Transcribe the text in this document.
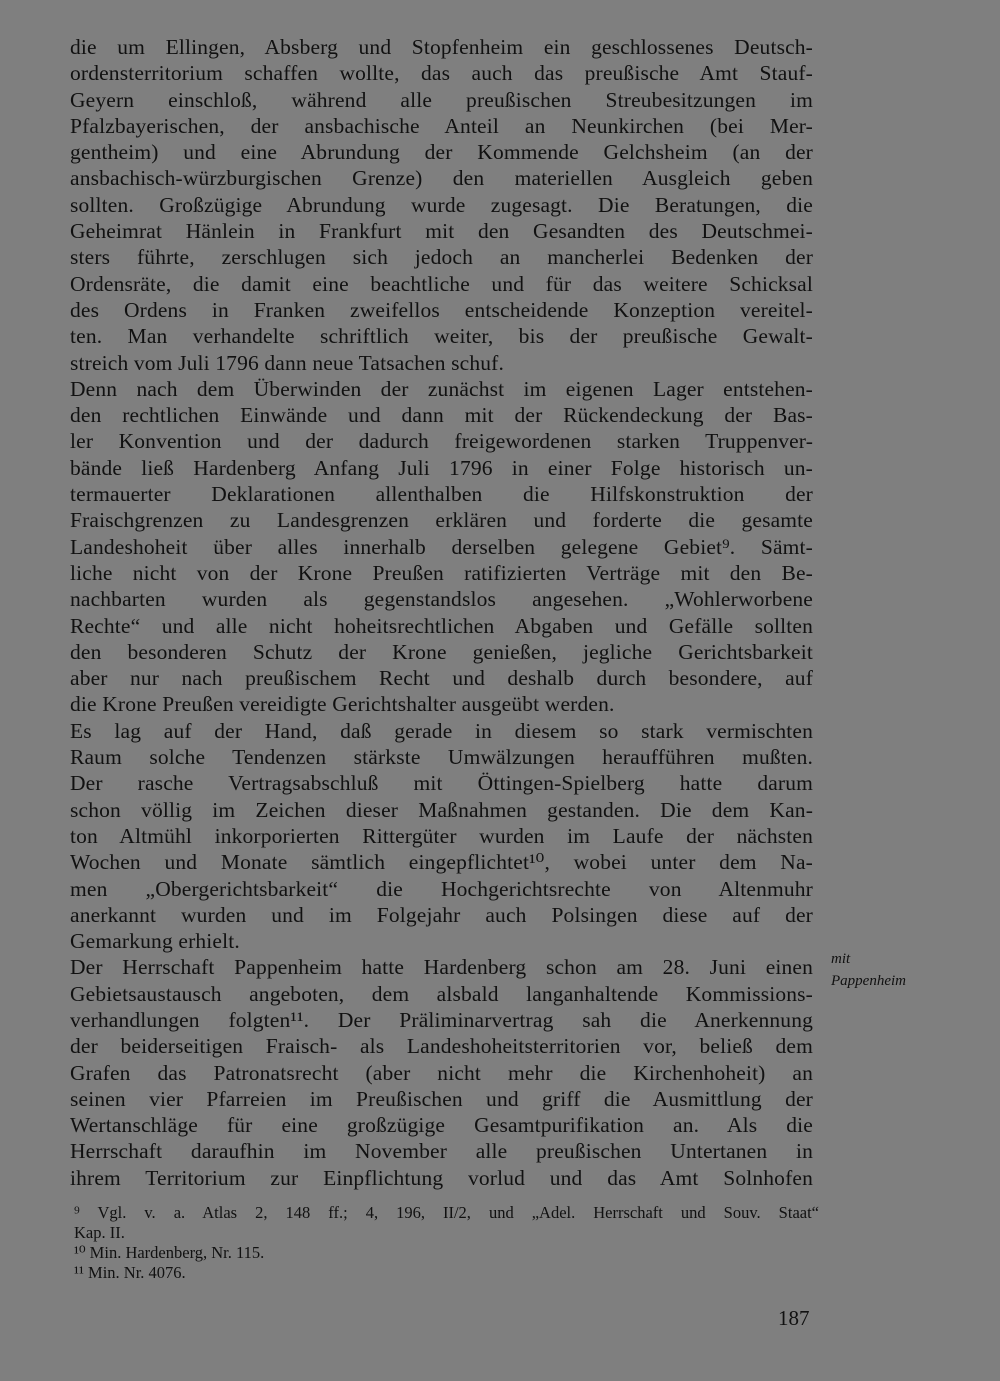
die um Ellingen, Absberg und Stopfenheim ein geschlossenes Deutsch-
ordensterritorium schaffen wollte, das auch das preußische Amt Stauf-
Geyern einschloß, während alle preußischen Streubesitzungen im
Pfalzbayerischen, der ansbachische Anteil an Neunkirchen (bei Mer-
gentheim) und eine Abrundung der Kommende Gelchsheim (an der
ansbachisch-würzburgischen Grenze) den materiellen Ausgleich geben
sollten. Großzügige Abrundung wurde zugesagt. Die Beratungen, die
Geheimrat Hänlein in Frankfurt mit den Gesandten des Deutschmei-
sters führte, zerschlugen sich jedoch an mancherlei Bedenken der
Ordensräte, die damit eine beachtliche und für das weitere Schicksal
des Ordens in Franken zweifellos entscheidende Konzeption vereitel-
ten. Man verhandelte schriftlich weiter, bis der preußische Gewalt-
streich vom Juli 1796 dann neue Tatsachen schuf.
Denn nach dem Überwinden der zunächst im eigenen Lager entstehen-
den rechtlichen Einwände und dann mit der Rückendeckung der Bas-
ler Konvention und der dadurch freigewordenen starken Truppenver-
bände ließ Hardenberg Anfang Juli 1796 in einer Folge historisch un-
termauerter Deklarationen allenthalben die Hilfskonstruktion der
Fraischgrenzen zu Landesgrenzen erklären und forderte die gesamte
Landeshoheit über alles innerhalb derselben gelegene Gebiet⁹. Sämt-
liche nicht von der Krone Preußen ratifizierten Verträge mit den Be-
nachbarten wurden als gegenstandslos angesehen. „Wohlerworbene
Rechte“ und alle nicht hoheitsrechtlichen Abgaben und Gefälle sollten
den besonderen Schutz der Krone genießen, jegliche Gerichtsbarkeit
aber nur nach preußischem Recht und deshalb durch besondere, auf
die Krone Preußen vereidigte Gerichtshalter ausgeübt werden.
Es lag auf der Hand, daß gerade in diesem so stark vermischten
Raum solche Tendenzen stärkste Umwälzungen heraufführen mußten.
Der rasche Vertragsabschluß mit Öttingen-Spielberg hatte darum
schon völlig im Zeichen dieser Maßnahmen gestanden. Die dem Kan-
ton Altmühl inkorporierten Rittergüter wurden im Laufe der nächsten
Wochen und Monate sämtlich eingepflichtet¹⁰, wobei unter dem Na-
men „Obergerichtsbarkeit“ die Hochgerichtsrechte von Altenmuhr
anerkannt wurden und im Folgejahr auch Polsingen diese auf der
Gemarkung erhielt.
Der Herrschaft Pappenheim hatte Hardenberg schon am 28. Juni einen
Gebietsaustausch angeboten, dem alsbald langanhaltende Kommissions-
verhandlungen folgten¹¹. Der Präliminarvertrag sah die Anerkennung
der beiderseitigen Fraisch- als Landeshoheitsterritorien vor, beließ dem
Grafen das Patronatsrecht (aber nicht mehr die Kirchenhoheit) an
seinen vier Pfarreien im Preußischen und griff die Ausmittlung der
Wertanschläge für eine großzügige Gesamtpurifikation an. Als die
Herrschaft daraufhin im November alle preußischen Untertanen in
ihrem Territorium zur Einpflichtung vorlud und das Amt Solnhofen
mit
Pappenheim
⁹ Vgl. v. a. Atlas 2, 148 ff.; 4, 196, II/2, und „Adel. Herrschaft und Souv. Staat“
Kap. II.
¹⁰ Min. Hardenberg, Nr. 115.
¹¹ Min. Nr. 4076.
187
